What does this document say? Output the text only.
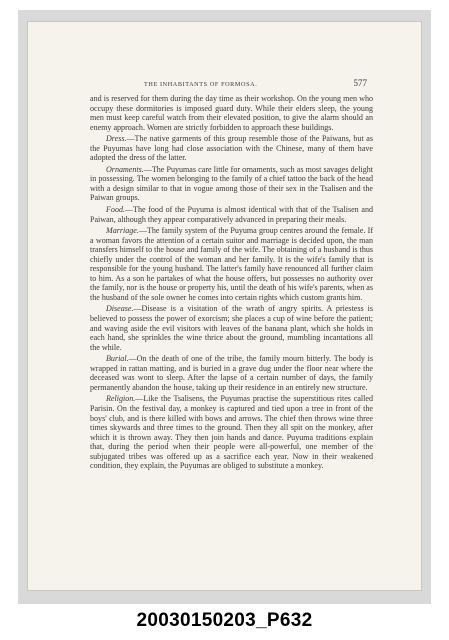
THE INHABITANTS OF FORMOSA.	577

and is reserved for them during the day time as their workshop. On the young men who occupy these dormitories is imposed guard duty. While their elders sleep, the young men must keep careful watch from their elevated position, to give the alarm should an enemy approach. Women are strictly forbidden to approach these buildings.

Dress.—The native garments of this group resemble those of the Paiwans, but as the Puyumas have long had close association with the Chinese, many of them have adopted the dress of the latter.

Ornaments.—The Puyumas care little for ornaments, such as most savages delight in possessing. The women belonging to the family of a chief tattoo the back of the head with a design similar to that in vogue among those of their sex in the Tsalisen and the Paiwan groups.

Food.—The food of the Puyuma is almost identical with that of the Tsalisen and Paiwan, although they appear comparatively advanced in preparing their meals.

Marriage.—The family system of the Puyuma group centres around the female. If a woman favors the attention of a certain suitor and marriage is decided upon, the man transfers himself to the house and family of the wife. The obtaining of a husband is thus chiefly under the control of the woman and her family. It is the wife's family that is responsible for the young husband. The latter's family have renounced all further claim to him. As a son he partakes of what the house offers, but possesses no authority over the family, nor is the house or property his, until the death of his wife's parents, when as the husband of the sole owner he comes into certain rights which custom grants him.

Disease.—Disease is a visitation of the wrath of angry spirits. A priestess is believed to possess the power of exorcism; she places a cup of wine before the patient; and waving aside the evil visitors with leaves of the banana plant, which she holds in each hand, she sprinkles the wine thrice about the ground, mumbling incantations all the while.

Burial.—On the death of one of the tribe, the family mourn bitterly. The body is wrapped in rattan matting, and is buried in a grave dug under the floor near where the deceased was wont to sleep. After the lapse of a certain number of days, the family permanently abandon the house, taking up their residence in an entirely new structure.

Religion.—Like the Tsalisens, the Puyumas practise the superstitious rites called Parisin. On the festival day, a monkey is captured and tied upon a tree in front of the boys' club, and is there killed with bows and arrows. The chief then throws wine three times skywards and three times to the ground. Then they all spit on the monkey, after which it is thrown away. They then join hands and dance. Puyuma traditions explain that, during the period when their people were all-powerful, one member of the subjugated tribes was offered up as a sacrifice each year. Now in their weakened condition, they explain, the Puyumas are obliged to substitute a monkey.

20030150203_P632
